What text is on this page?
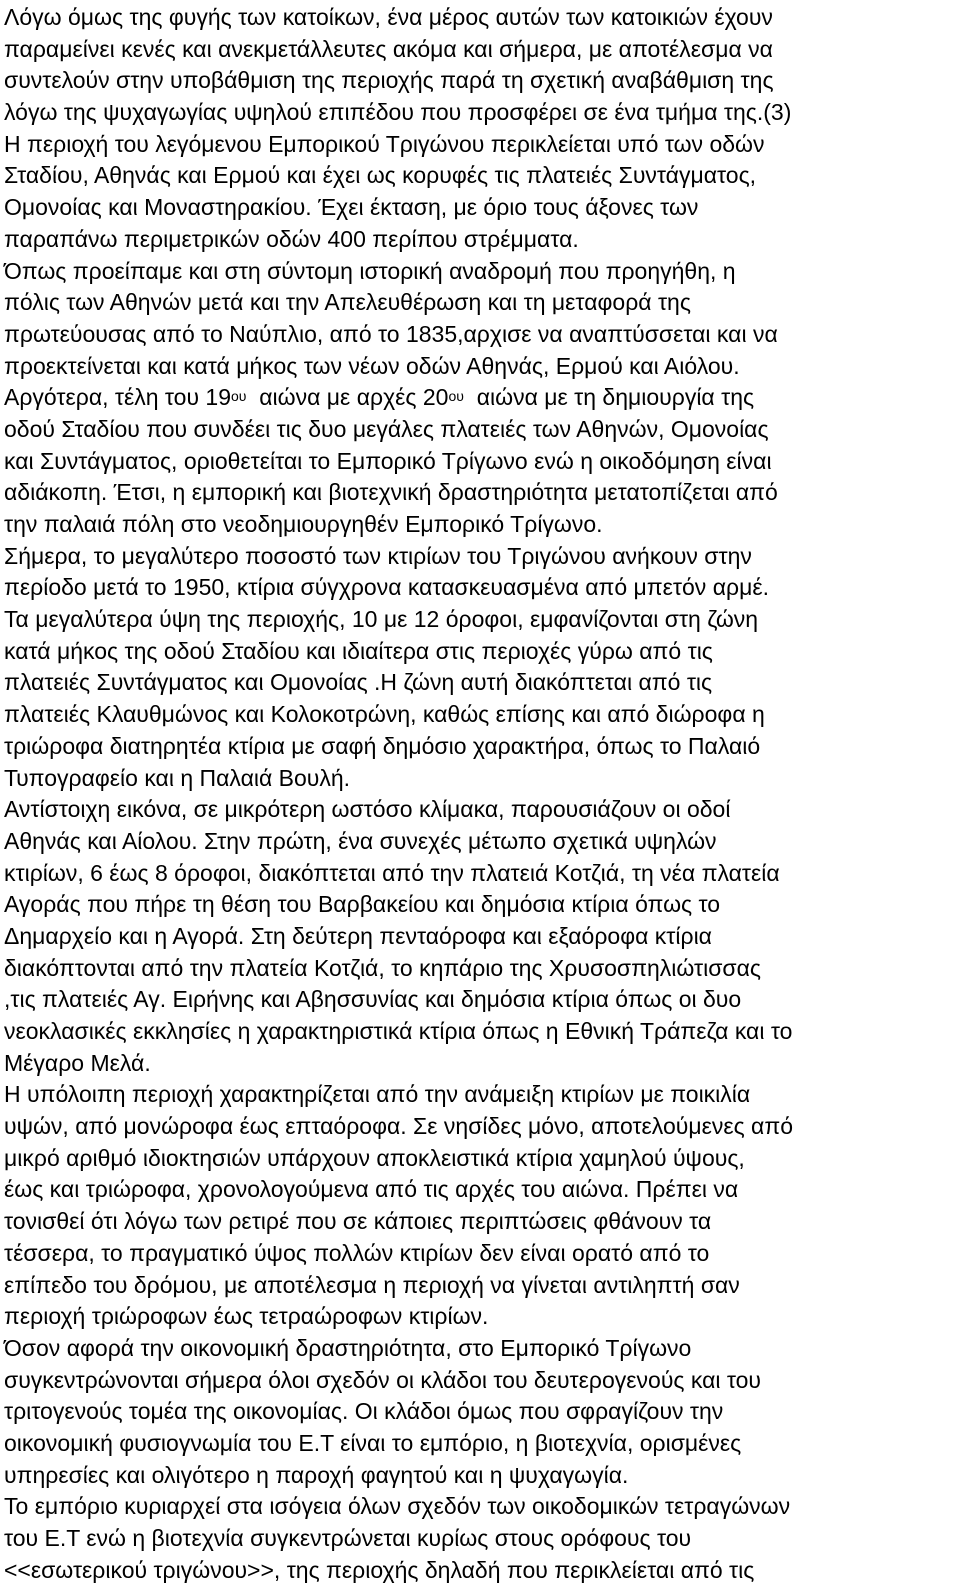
Λόγω όμως της φυγής των κατοίκων, ένα μέρος αυτών των κατοικιών έχουν
παραμείνει κενές και ανεκμετάλλευτες ακόμα και σήμερα, με αποτέλεσμα να
συντελούν στην υποβάθμιση της περιοχής παρά τη σχετική αναβάθμιση της
λόγω της ψυχαγωγίας υψηλού επιπέδου που προσφέρει σε ένα τμήμα της.(3)
Η περιοχή του λεγόμενου Εμπορικού Τριγώνου περικλείεται υπό των οδών
Σταδίου, Αθηνάς και Ερμού και έχει ως κορυφές τις πλατειές Συντάγματος,
Ομονοίας και Μοναστηρακίου. Έχει έκταση, με όριο τους άξονες των
παραπάνω περιμετρικών οδών 400 περίπου στρέμματα.
Όπως προείπαμε και στη σύντομη ιστορική αναδρομή που προηγήθη, η
πόλις των Αθηνών μετά και την Απελευθέρωση και τη μεταφορά της
πρωτεύουσας από το Ναύπλιο, από το 1835,αρχισε να αναπτύσσεται και να
προεκτείνεται και κατά μήκος των νέων οδών Αθηνάς, Ερμού και Αιόλου.
Αργότερα, τέλη του $19^{o\upsilon}$  αιώνα με αρχές $20^{o\upsilon}$  αιώνα με τη δημιουργία της
οδού Σταδίου που συνδέει τις δυο μεγάλες πλατειές των Αθηνών, Ομονοίας
και Συντάγματος, οριοθετείται το Εμπορικό Τρίγωνο ενώ η οικοδόμηση είναι
αδιάκοπη. Έτσι, η εμπορική και βιοτεχνική δραστηριότητα μετατοπίζεται από
την παλαιά πόλη στο νεοδημιουργηθέν Εμπορικό Τρίγωνο.
Σήμερα, το μεγαλύτερο ποσοστό των κτιρίων του Τριγώνου ανήκουν στην
περίοδο μετά το 1950, κτίρια σύγχρονα κατασκευασμένα από μπετόν αρμέ.
Τα μεγαλύτερα ύψη της περιοχής, 10 με 12 όροφοι, εμφανίζονται στη ζώνη
κατά μήκος της οδού Σταδίου και ιδιαίτερα στις περιοχές γύρω από τις
πλατειές Συντάγματος και Ομονοίας .Η ζώνη αυτή διακόπτεται από τις
πλατειές Κλαυθμώνος και Κολοκοτρώνη, καθώς επίσης και από διώροφα η
τριώροφα διατηρητέα κτίρια με σαφή δημόσιο χαρακτήρα, όπως το Παλαιό
Τυπογραφείο και η Παλαιά Βουλή.
Αντίστοιχη εικόνα, σε μικρότερη ωστόσο κλίμακα, παρουσιάζουν οι οδοί
Αθηνάς και Αίολου. Στην πρώτη, ένα συνεχές μέτωπο σχετικά υψηλών
κτιρίων, 6 έως 8 όροφοι, διακόπτεται από την πλατειά Κοτζιά, τη νέα πλατεία
Αγοράς που πήρε τη θέση του Βαρβακείου και δημόσια κτίρια όπως το
Δημαρχείο και η Αγορά. Στη δεύτερη πενταόροφα και εξαόροφα κτίρια
διακόπτονται από την πλατεία Κοτζιά, το κηπάριο της Χρυσοσπηλιώτισσας
,τις πλατειές Αγ. Ειρήνης και Αβησσυνίας και δημόσια κτίρια όπως οι δυο
νεοκλασικές εκκλησίες η χαρακτηριστικά κτίρια όπως η Εθνική Τράπεζα και το
Μέγαρο Μελά.
Η υπόλοιπη περιοχή χαρακτηρίζεται από την ανάμειξη κτιρίων με ποικιλία
υψών, από μονώροφα έως επταόροφα. Σε νησίδες μόνο, αποτελούμενες από
μικρό αριθμό ιδιοκτησιών υπάρχουν αποκλειστικά κτίρια χαμηλού ύψους,
έως και τριώροφα, χρονολογούμενα από τις αρχές του αιώνα. Πρέπει να
τονισθεί ότι λόγω των ρετιρέ που σε κάποιες περιπτώσεις φθάνουν τα
τέσσερα, το πραγματικό ύψος πολλών κτιρίων δεν είναι ορατό από το
επίπεδο του δρόμου, με αποτέλεσμα η περιοχή να γίνεται αντιληπτή σαν
περιοχή τριώροφων έως τετραώροφων κτιρίων.
Όσον αφορά την οικονομική δραστηριότητα, στο Εμπορικό Τρίγωνο
συγκεντρώνονται σήμερα όλοι σχεδόν οι κλάδοι του δευτερογενούς και του
τριτογενούς τομέα της οικονομίας. Οι κλάδοι όμως που σφραγίζουν την
οικονομική φυσιογνωμία του Ε.Τ είναι το εμπόριο, η βιοτεχνία, ορισμένες
υπηρεσίες και ολιγότερο η παροχή φαγητού και η ψυχαγωγία.
Το εμπόριο κυριαρχεί στα ισόγεια όλων σχεδόν των οικοδομικών τετραγώνων
του Ε.Τ ενώ η βιοτεχνία συγκεντρώνεται κυρίως στους ορόφους του
<<εσωτερικού τριγώνου>>, της περιοχής δηλαδή που περικλείεται από τις
